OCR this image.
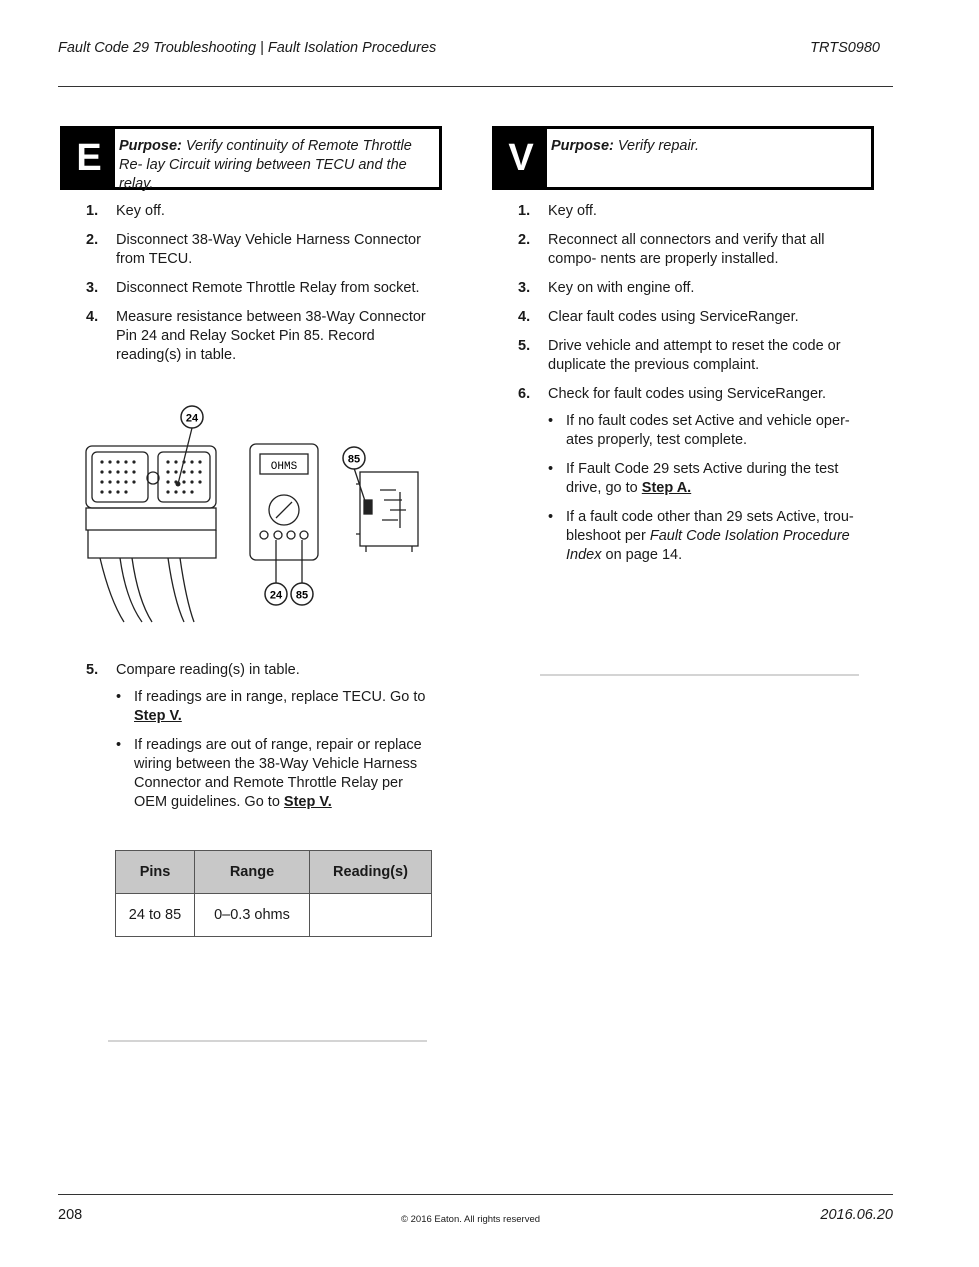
Fault Code 29 Troubleshooting | Fault Isolation Procedures	TRTS0980
E	Purpose: Verify continuity of Remote Throttle Re- lay Circuit wiring between TECU and the relay.
1. Key off.
2. Disconnect 38-Way Vehicle Harness Connector from TECU.
3. Disconnect Remote Throttle Relay from socket.
4. Measure resistance between 38-Way Connector Pin 24 and Relay Socket Pin 85. Record reading(s) in table.
24
OHMS
24 85
85
5. Compare reading(s) in table.
• If readings are in range, replace TECU. Go to Step V.
• If readings are out of range, repair or replace wiring between the 38-Way Vehicle Harness Connector and Remote Throttle Relay per OEM guidelines. Go to Step V.
Pins	Range	Reading(s)
24 to 85	0–0.3 ohms	
V	Purpose: Verify repair.
1. Key off.
2. Reconnect all connectors and verify that all compo- nents are properly installed.
3. Key on with engine off.
4. Clear fault codes using ServiceRanger.
5. Drive vehicle and attempt to reset the code or duplicate the previous complaint.
6. Check for fault codes using ServiceRanger.
• If no fault codes set Active and vehicle oper- ates properly, test complete.
• If Fault Code 29 sets Active during the test drive, go to Step A.
• If a fault code other than 29 sets Active, trou- bleshoot per Fault Code Isolation Procedure Index on page 14.
208	© 2016 Eaton. All rights reserved	2016.06.20
